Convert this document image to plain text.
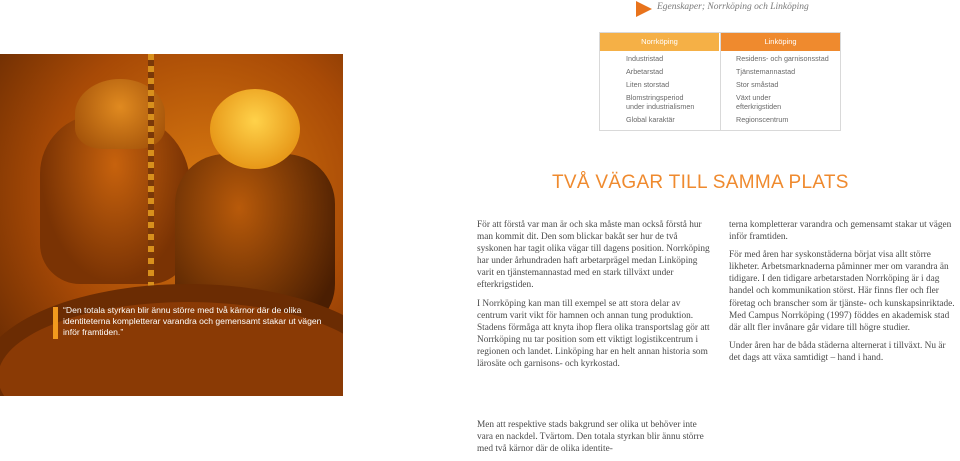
Egenskaper; Norrköping och Linköping
Norrköping
Industristad
Arbetarstad
Liten storstad
Blomstringsperiod
under industrialismen
Global karaktär
Linköping
Residens- och garnisonsstad
Tjänstemannastad
Stor småstad
Växt under
efterkrigstiden
Regionscentrum
“Den totala styrkan blir ännu större med två kärnor där de olika identiteterna kompletterar varandra och gemensamt stakar ut vägen inför framtiden.”
TVÅ VÄGAR TILL SAMMA PLATS

För att förstå var man är och ska måste man också förstå hur man kommit dit. Den som blickar bakåt ser hur de två syskonen har tagit olika vägar till dagens position. Norrköping har under århundraden haft arbetarprägel medan Linköping varit en tjänstemannastad med en stark tillväxt under efterkrigstiden.

I Norrköping kan man till exempel se att stora delar av centrum varit vikt för hamnen och annan tung produktion. Stadens förmåga att knyta ihop flera olika transportslag gör att Norrköping nu tar position som ett viktigt logistikcentrum i regionen och landet. Linköping har en helt annan historia som lärosäte och garnisons- och kyrkostad.

terna kompletterar varandra och gemensamt stakar ut vägen inför framtiden.

För med åren har syskonstäderna börjat visa allt större likheter. Arbetsmarknaderna påminner mer om varandra än tidigare. I den tidigare arbetarstaden Norrköping är i dag handel och kommunikation störst. Här finns fler och fler företag och branscher som är tjänste- och kunskapsinriktade. Med Campus Norrköping (1997) föddes en akademisk stad där allt fler invånare går vidare till högre studier.

Under åren har de båda städerna alternerat i tillväxt. Nu är det dags att växa samtidigt – hand i hand.

Men att respektive stads bakgrund ser olika ut behöver inte vara en nackdel. Tvärtom. Den totala styrkan blir ännu större med två kärnor där de olika identite-
